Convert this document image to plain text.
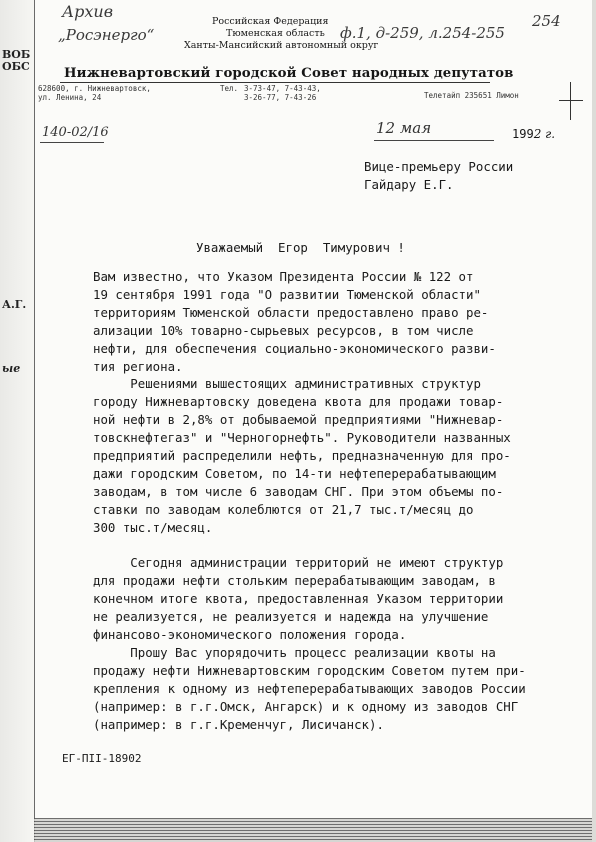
ВОБ
ОБС
А.Г.
ые
Архив
„Росэнерго“	ф.1, д-259, л.254-255
254
Российская Федерация
Тюменская область
Ханты-Мансийский автономный округ
Нижневартовский городской Совет народных депутатов
628600, г. Нижневартовск,
ул. Ленина, 24
Тел. 3-73-47, 7-43-43,
3-26-77, 7-43-26	Телетайп 235651 Лимон
140-02/16	12 мая	1992 г.
Вице-премьеру России
Гайдару Е.Г.
Уважаемый  Егор  Тимурович !
Вам известно, что Указом Президента России № 122 от
19 сентября 1991 года "О развитии Тюменской области"
территориям Тюменской области предоставлено право ре-
ализации 10% товарно-сырьевых ресурсов, в том числе
нефти, для обеспечения социально-экономического разви-
тия региона.
Решениями вышестоящих административных структур
городу Нижневартовску доведена квота для продажи товар-
ной нефти в 2,8% от добываемой предприятиями "Нижневар-
товскнефтегаз" и "Черногорнефть". Руководители названных
предприятий распределили нефть, предназначенную для про-
дажи городским Советом, по 14-ти нефтеперерабатывающим
заводам, в том числе 6 заводам СНГ. При этом объемы по-
ставки по заводам колеблются от 21,7 тыс.т/месяц до
300 тыс.т/месяц.
Сегодня администрации территорий не имеют структур
для продажи нефти стольким перерабатывающим заводам, в
конечном итоге квота, предоставленная Указом территории
не реализуется, не реализуется и надежда на улучшение
финансово-экономического положения города.
Прошу Вас упорядочить процесс реализации квоты на
продажу нефти Нижневартовским городским Советом путем при-
крепления к одному из нефтеперерабатывающих заводов России
(например: в г.г.Омск, Ангарск) и к одному из заводов СНГ
(например: в г.г.Кременчуг, Лисичанск).
ЕГ-ПII-18902
